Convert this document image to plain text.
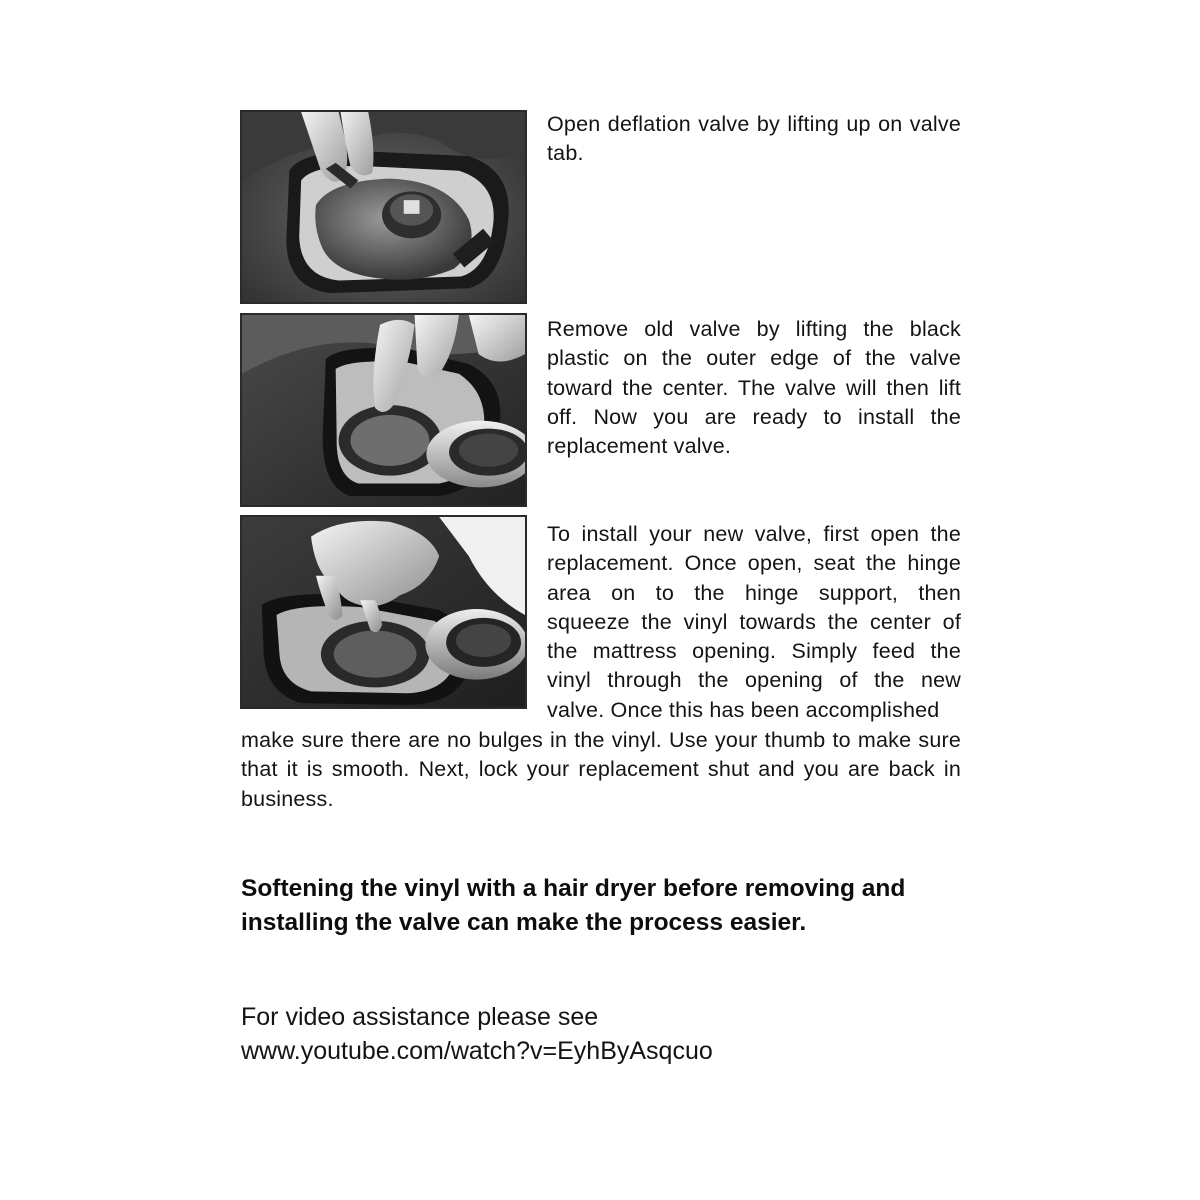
Open deflation valve by lifting up on valve tab.

Remove old valve by lifting the black plastic on the outer edge of the valve toward the center. The valve will then lift off. Now you are ready to install the replacement valve.

To install your new valve, first open the replacement. Once open, seat the hinge area on to the hinge support, then squeeze the vinyl towards the center of the mattress opening. Simply feed the vinyl through the opening of the new valve. Once this has been accomplished

make sure there are no bulges in the vinyl. Use your thumb to make sure that it is smooth. Next, lock your replacement shut and you are back in business.

Softening the vinyl with a hair dryer before removing and installing the valve can make the process easier.

For video assistance please see
www.youtube.com/watch?v=EyhByAsqcuo
